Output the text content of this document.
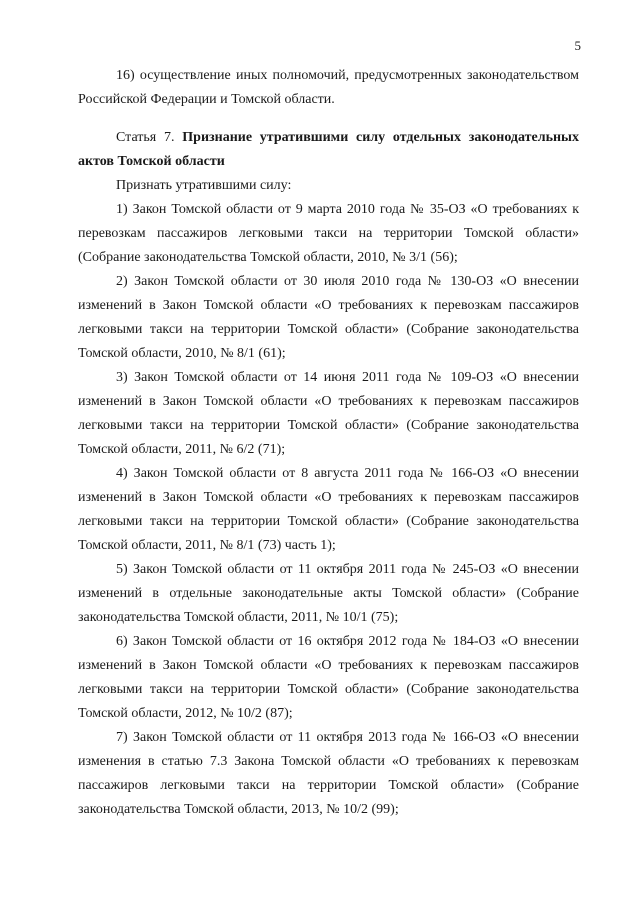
5

16) осуществление иных полномочий, предусмотренных законодательством Российской Федерации и Томской области.

Статья 7. Признание утратившими силу отдельных законодательных актов Томской области

Признать утратившими силу:

1) Закон Томской области от 9 марта 2010 года № 35-ОЗ «О требованиях к перевозкам пассажиров легковыми такси на территории Томской области» (Собрание законодательства Томской области, 2010, № 3/1 (56);

2) Закон Томской области от 30 июля 2010 года № 130-ОЗ «О внесении изменений в Закон Томской области «О требованиях к перевозкам пассажиров легковыми такси на территории Томской области» (Собрание законодательства Томской области, 2010, № 8/1 (61);

3) Закон Томской области от 14 июня 2011 года № 109-ОЗ «О внесении изменений в Закон Томской области «О требованиях к перевозкам пассажиров легковыми такси на территории Томской области» (Собрание законодательства Томской области, 2011, № 6/2 (71);

4) Закон Томской области от 8 августа 2011 года № 166-ОЗ «О внесении изменений в Закон Томской области «О требованиях к перевозкам пассажиров легковыми такси на территории Томской области» (Собрание законодательства Томской области, 2011, № 8/1 (73) часть 1);

5) Закон Томской области от 11 октября 2011 года № 245-ОЗ «О внесении изменений в отдельные законодательные акты Томской области» (Собрание законодательства Томской области, 2011, № 10/1 (75);

6) Закон Томской области от 16 октября 2012 года № 184-ОЗ «О внесении изменений в Закон Томской области «О требованиях к перевозкам пассажиров легковыми такси на территории Томской области» (Собрание законодательства Томской области, 2012, № 10/2 (87);

7) Закон Томской области от 11 октября 2013 года № 166-ОЗ «О внесении изменения в статью 7.3 Закона Томской области «О требованиях к перевозкам пассажиров легковыми такси на территории Томской области» (Собрание законодательства Томской области, 2013, № 10/2 (99);
